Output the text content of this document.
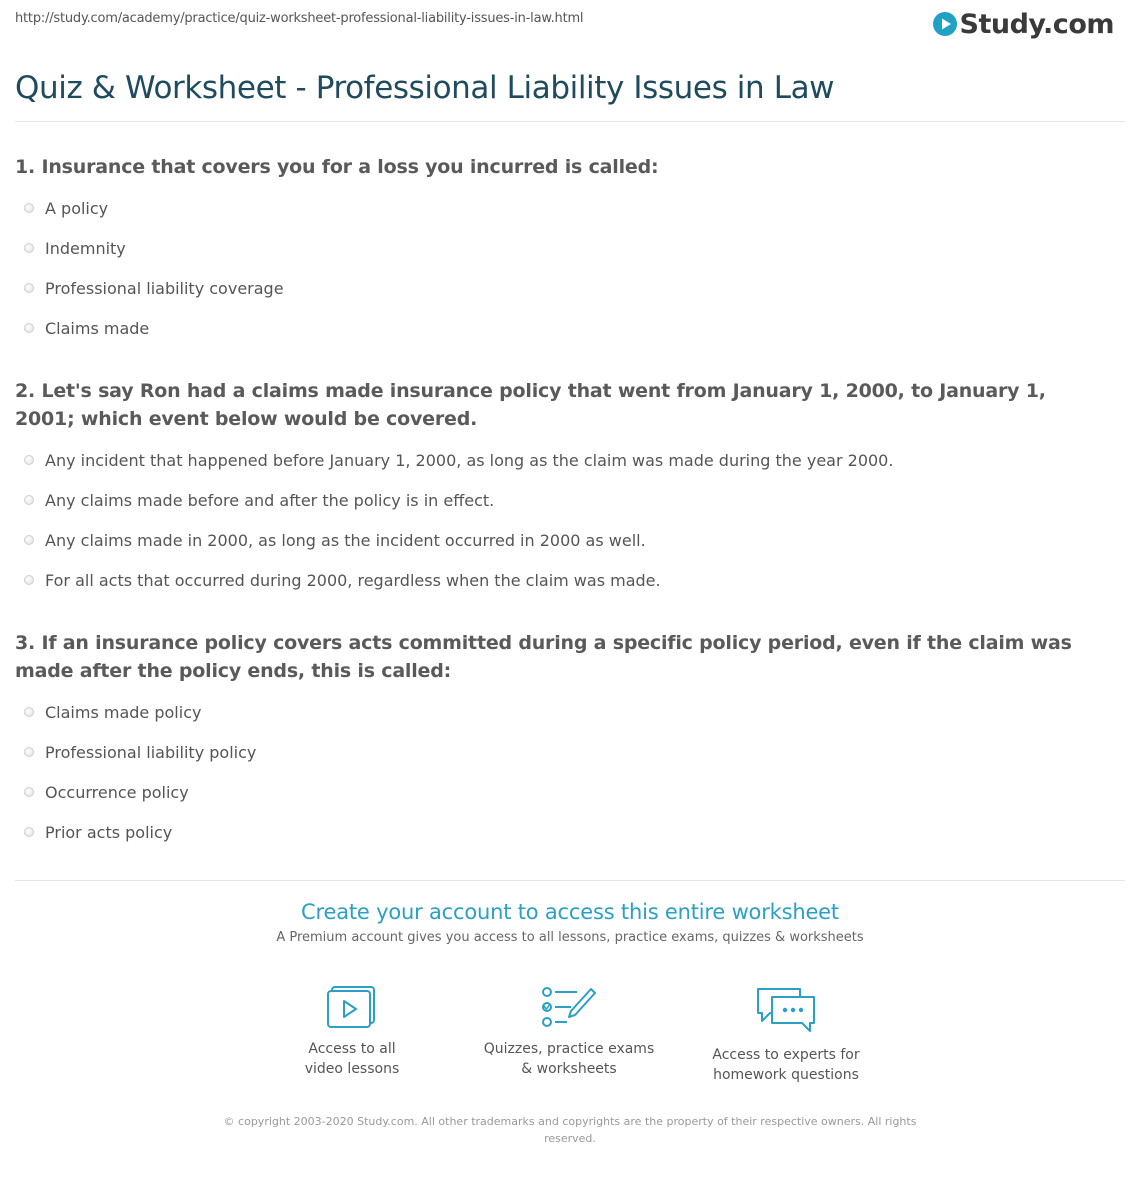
http://study.com/academy/practice/quiz-worksheet-professional-liability-issues-in-law.html	Study.com
Quiz & Worksheet - Professional Liability Issues in Law

1. Insurance that covers you for a loss you incurred is called:

A policy
Indemnity
Professional liability coverage
Claims made

2. Let's say Ron had a claims made insurance policy that went from January 1, 2000, to January 1, 2001; which event below would be covered.

Any incident that happened before January 1, 2000, as long as the claim was made during the year 2000.
Any claims made before and after the policy is in effect.
Any claims made in 2000, as long as the incident occurred in 2000 as well.
For all acts that occurred during 2000, regardless when the claim was made.

3. If an insurance policy covers acts committed during a specific policy period, even if the claim was made after the policy ends, this is called:

Claims made policy
Professional liability policy
Occurrence policy
Prior acts policy

Create your account to access this entire worksheet

A Premium account gives you access to all lessons, practice exams, quizzes & worksheets
Access to all
video lessons
Quizzes, practice exams
& worksheets
Access to experts for
homework questions
© copyright 2003-2020 Study.com. All other trademarks and copyrights are the property of their respective owners. All rights reserved.
